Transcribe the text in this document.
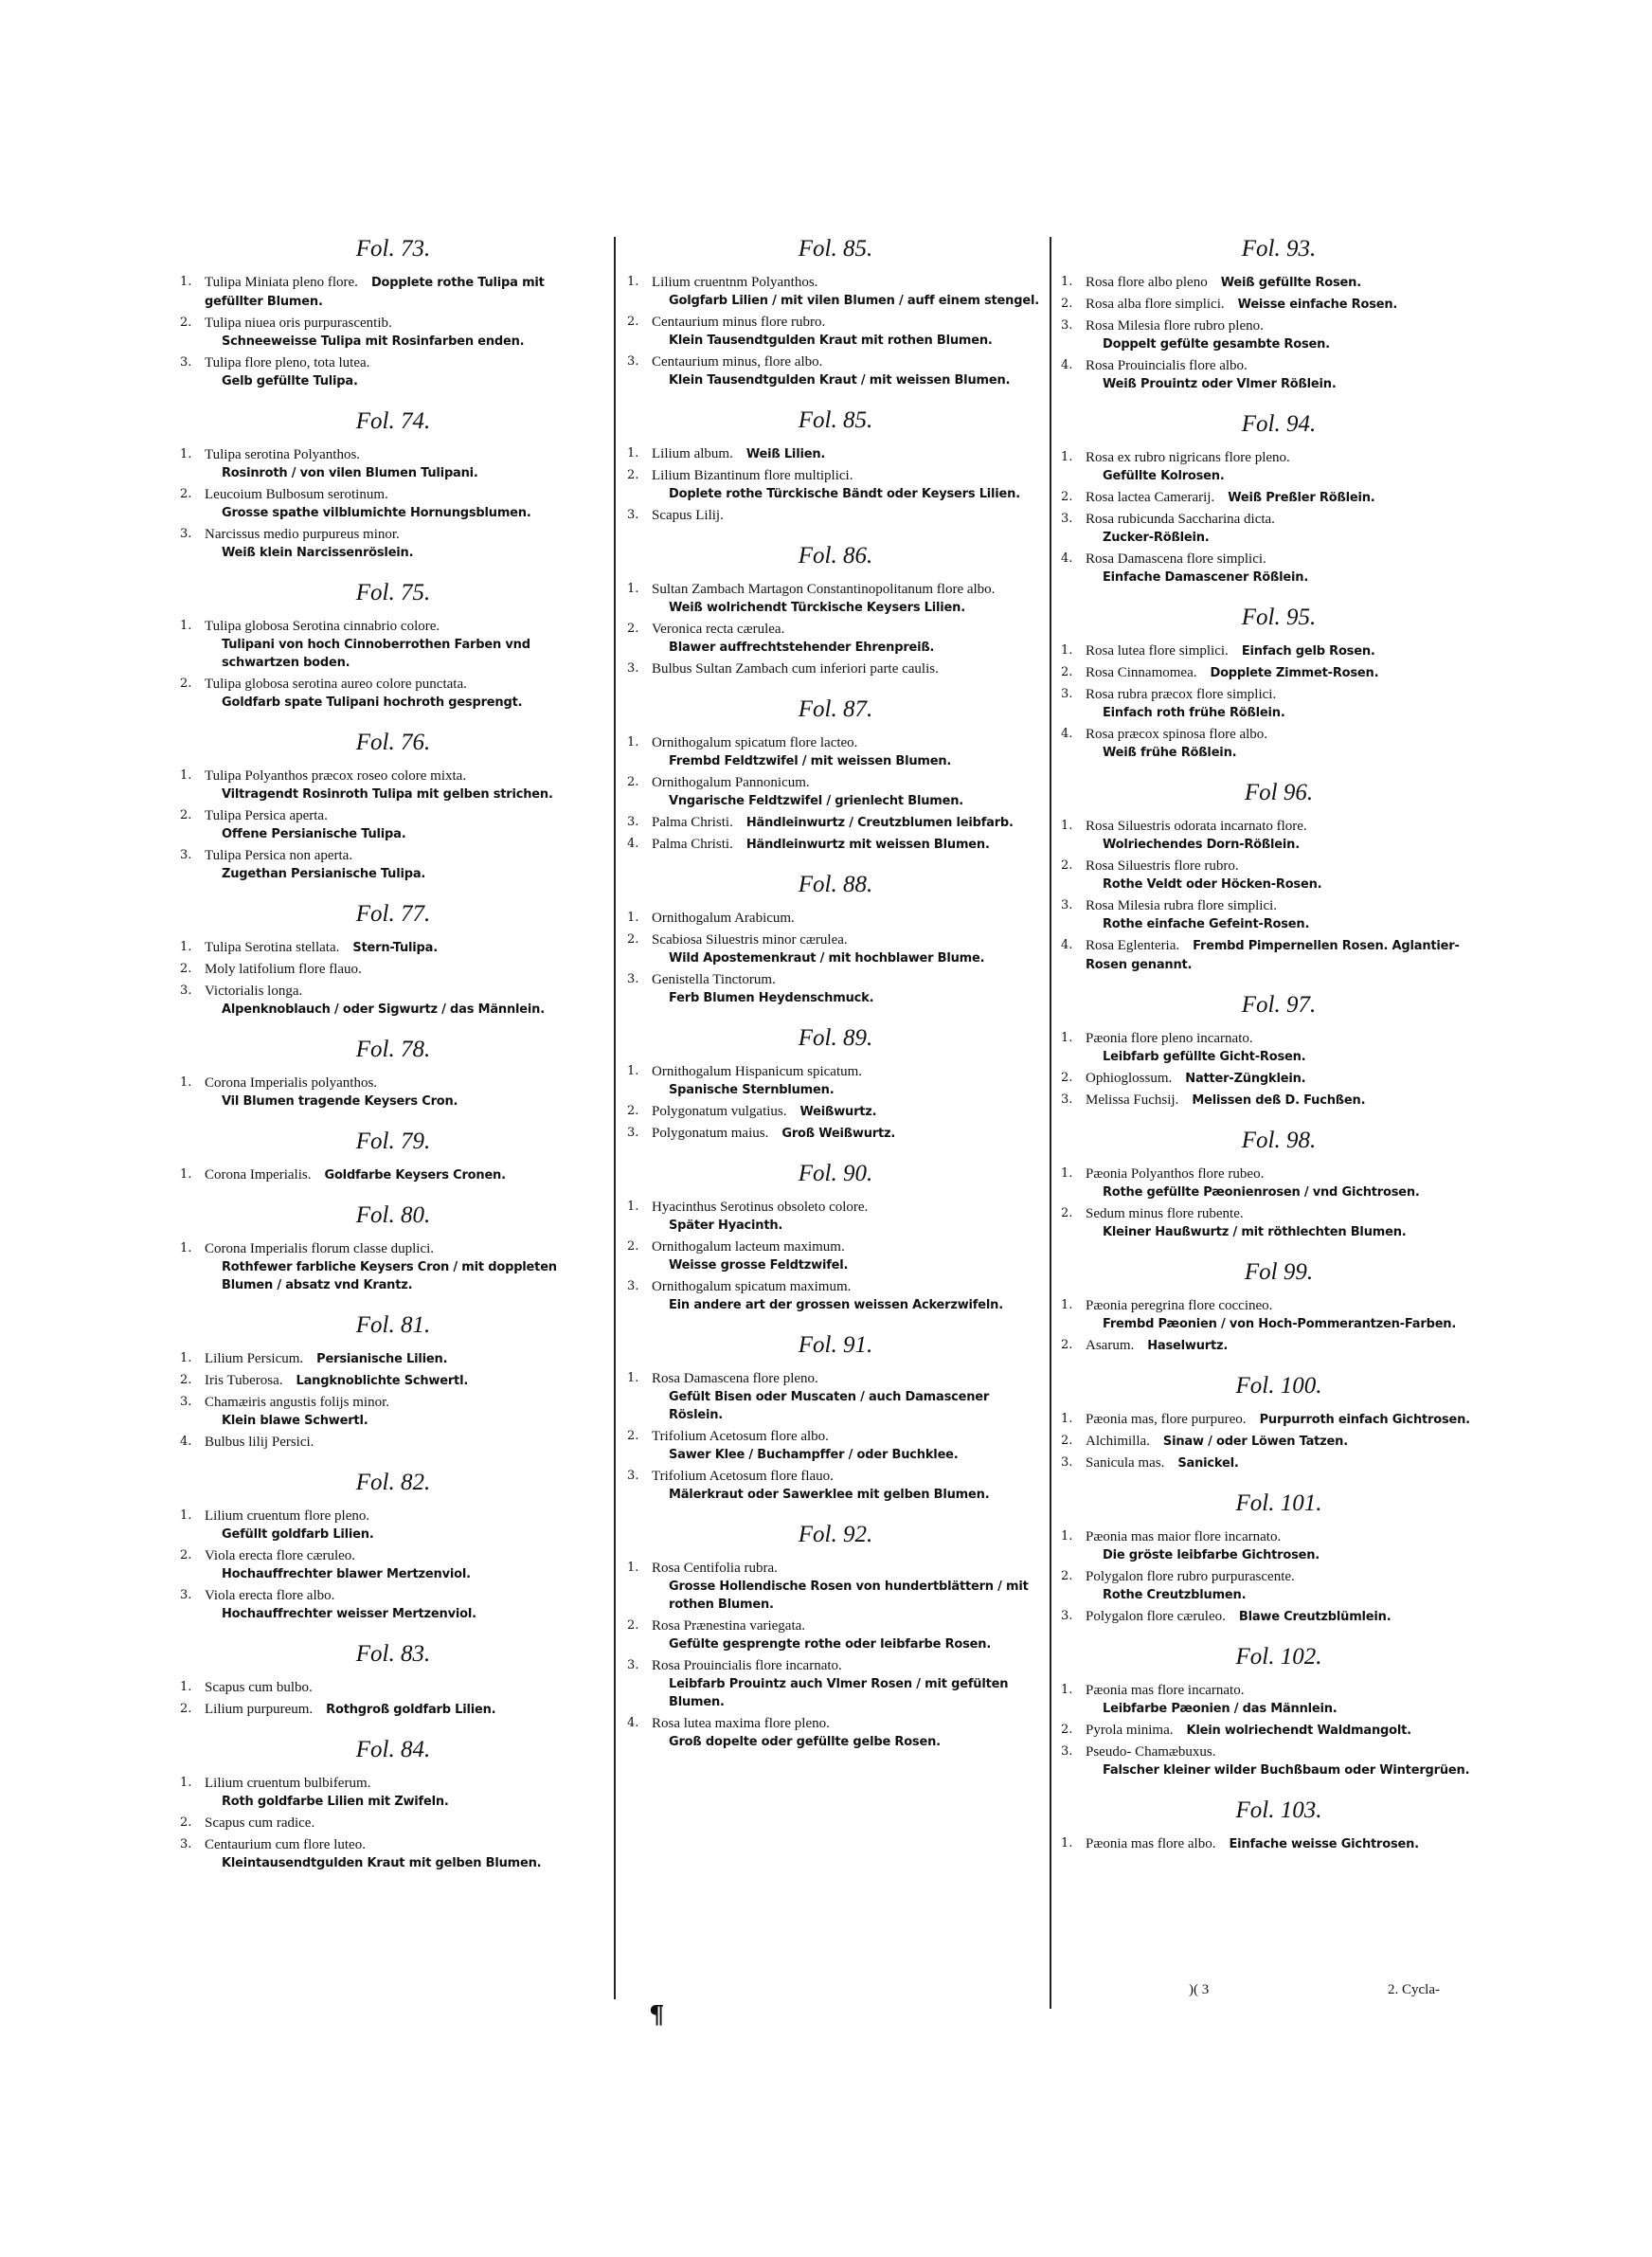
Fol. 73.
1. Tulipa Miniata pleno flore. Dopplete rothe Tulipa mit gefüllter Blumen.
2. Tulipa niuea oris purpurascentib.
Schneeweisse Tulipa mit Rosinfarben enden.
3. Tulipa flore pleno, tota lutea.
Gelb gefüllte Tulipa.
Fol. 74.
1. Tulipa serotina Polyanthos.
Rosinroth / von vilen Blumen Tulipani.
2. Leucoium Bulbosum serotinum.
Grosse spathe vilblumichte Hornungsblumen.
3. Narcissus medio purpureus minor.
Weiß klein Narcissenröslein.
Fol. 75.
1. Tulipa globosa Serotina cinnabrio colore.
Tulipani von hoch Cinnoberrothen Farben vnd schwartzen boden.
2. Tulipa globosa serotina aureo colore punctata.
Goldfarb spate Tulipani hochroth gesprengt.
Fol. 76.
1. Tulipa Polyanthos præcox roseo colore mixta.
Viltragendt Rosinroth Tulipa mit gelben strichen.
2. Tulipa Persica aperta.
Offene Persianische Tulipa.
3. Tulipa Persica non aperta.
Zugethan Persianische Tulipa.
Fol. 77.
1. Tulipa Serotina stellata. Stern-Tulipa.
2. Moly latifolium flore flauo.
3. Victorialis longa.
Alpenknoblauch / oder Sigwurtz / das Männlein.
Fol. 78.
1. Corona Imperialis polyanthos.
Vil Blumen tragende Keysers Cron.
Fol. 79.
1. Corona Imperialis. Goldfarbe Keysers Cronen.
Fol. 80.
1. Corona Imperialis florum classe duplici.
Rothfewer farbliche Keysers Cron / mit doppleten Blumen / absatz vnd Krantz.
Fol. 81.
1. Lilium Persicum. Persianische Lilien.
2. Iris Tuberosa. Langknoblichte Schwertl.
3. Chamæiris angustis folijs minor.
Klein blawe Schwertl.
4. Bulbus lilij Persici.
Fol. 82.
1. Lilium cruentum flore pleno.
Gefüllt goldfarb Lilien.
2. Viola erecta flore cæruleo.
Hochauffrechter blawer Mertzenviol.
3. Viola erecta flore albo.
Hochauffrechter weisser Mertzenviol.
Fol. 83.
1. Scapus cum bulbo.
2. Lilium purpureum. Rothgroß goldfarb Lilien.
Fol. 84.
1. Lilium cruentum bulbiferum.
Roth goldfarbe Lilien mit Zwifeln.
2. Scapus cum radice.
3. Centaurium cum flore luteo.
Kleintausendtgulden Kraut mit gelben Blumen.
Fol. 85.
1. Lilium cruentnm Polyanthos.
Golgfarb Lilien / mit vilen Blumen / auff einem stengel.
2. Centaurium minus flore rubro.
Klein Tausendtgulden Kraut mit rothen Blumen.
3. Centaurium minus, flore albo.
Klein Tausendtgulden Kraut / mit weissen Blumen.
Fol. 85.
1. Lilium album. Weiß Lilien.
2. Lilium Bizantinum flore multiplici.
Doplete rothe Türckische Bändt oder Keysers Lilien.
3. Scapus Lilij.
Fol. 86.
1. Sultan Zambach Martagon Constantinopolitanum flore albo.
Weiß wolrichendt Türckische Keysers Lilien.
2. Veronica recta cærulea.
Blawer auffrechtstehender Ehrenpreiß.
3. Bulbus Sultan Zambach cum inferiori parte caulis.
Fol. 87.
1. Ornithogalum spicatum flore lacteo.
Frembd Feldtzwifel / mit weissen Blumen.
2. Ornithogalum Pannonicum.
Vngarische Feldtzwifel / grienlecht Blumen.
3. Palma Christi. Händleinwurtz / Creutzblumen leibfarb.
4. Palma Christi. Händleinwurtz mit weissen Blumen.
Fol. 88.
1. Ornithogalum Arabicum.
2. Scabiosa Siluestris minor cærulea.
Wild Apostemenkraut / mit hochblawer Blume.
3. Genistella Tinctorum.
Ferb Blumen Heydenschmuck.
Fol. 89.
1. Ornithogalum Hispanicum spicatum.
Spanische Sternblumen.
2. Polygonatum vulgatius. Weißwurtz.
3. Polygonatum maius. Groß Weißwurtz.
Fol. 90.
1. Hyacinthus Serotinus obsoleto colore.
Später Hyacinth.
2. Ornithogalum lacteum maximum.
Weisse grosse Feldtzwifel.
3. Ornithogalum spicatum maximum.
Ein andere art der grossen weissen Ackerzwifeln.
Fol. 91.
1. Rosa Damascena flore pleno.
Gefült Bisen oder Muscaten / auch Damascener Röslein.
2. Trifolium Acetosum flore albo.
Sawer Klee / Buchampffer / oder Buchklee.
3. Trifolium Acetosum flore flauo.
Mälerkraut oder Sawerklee mit gelben Blumen.
Fol. 92.
1. Rosa Centifolia rubra.
Grosse Hollendische Rosen von hundertblättern / mit rothen Blumen.
2. Rosa Prænestina variegata.
Gefülte gesprengte rothe oder leibfarbe Rosen.
3. Rosa Prouincialis flore incarnato.
Leibfarb Prouintz auch Vlmer Rosen / mit gefülten Blumen.
4. Rosa lutea maxima flore pleno.
Groß dopelte oder gefüllte gelbe Rosen.
Fol. 93.
1. Rosa flore albo pleno Weiß gefüllte Rosen.
2. Rosa alba flore simplici. Weisse einfache Rosen.
3. Rosa Milesia flore rubro pleno.
Doppelt gefülte gesambte Rosen.
4. Rosa Prouincialis flore albo.
Weiß Prouintz oder Vlmer Rößlein.
Fol. 94.
1. Rosa ex rubro nigricans flore pleno.
Gefüllte Kolrosen.
2. Rosa lactea Camerarij. Weiß Preßler Rößlein.
3. Rosa rubicunda Saccharina dicta.
Zucker-Rößlein.
4. Rosa Damascena flore simplici.
Einfache Damascener Rößlein.
Fol. 95.
1. Rosa lutea flore simplici. Einfach gelb Rosen.
2. Rosa Cinnamomea. Dopplete Zimmet-Rosen.
3. Rosa rubra præcox flore simplici.
Einfach roth frühe Rößlein.
4. Rosa præcox spinosa flore albo.
Weiß frühe Rößlein.
Fol 96.
1. Rosa Siluestris odorata incarnato flore.
Wolriechendes Dorn-Rößlein.
2. Rosa Siluestris flore rubro.
Rothe Veldt oder Höcken-Rosen.
3. Rosa Milesia rubra flore simplici.
Rothe einfache Gefeint-Rosen.
4. Rosa Eglenteria. Frembd Pimpernellen Rosen. Aglantier-Rosen genannt.
Fol. 97.
1. Pæonia flore pleno incarnato.
Leibfarb gefüllte Gicht-Rosen.
2. Ophioglossum. Natter-Züngklein.
3. Melissa Fuchsij. Melissen deß D. Fuchßen.
Fol. 98.
1. Pæonia Polyanthos flore rubeo.
Rothe gefüllte Pæonienrosen / vnd Gichtrosen.
2. Sedum minus flore rubente.
Kleiner Haußwurtz / mit röthlechten Blumen.
Fol 99.
1. Pæonia peregrina flore coccineo.
Frembd Pæonien / von Hoch-Pommerantzen-Farben.
2. Asarum. Haselwurtz.
Fol. 100.
1. Pæonia mas, flore purpureo. Purpurroth einfach Gichtrosen.
2. Alchimilla. Sinaw / oder Löwen Tatzen.
3. Sanicula mas. Sanickel.
Fol. 101.
1. Pæonia mas maior flore incarnato.
Die gröste leibfarbe Gichtrosen.
2. Polygalon flore rubro purpurascente.
Rothe Creutzblumen.
3. Polygalon flore cæruleo. Blawe Creutzblümlein.
Fol. 102.
1. Pæonia mas flore incarnato.
Leibfarbe Pæonien / das Männlein.
2. Pyrola minima. Klein wolriechendt Waldmangolt.
3. Pseudo- Chamæbuxus.
Falscher kleiner wilder Buchßbaum oder Wintergrüen.
Fol. 103.
1. Pæonia mas flore albo. Einfache weisse Gichtrosen.
)( 3	2. Cycla-
¶
